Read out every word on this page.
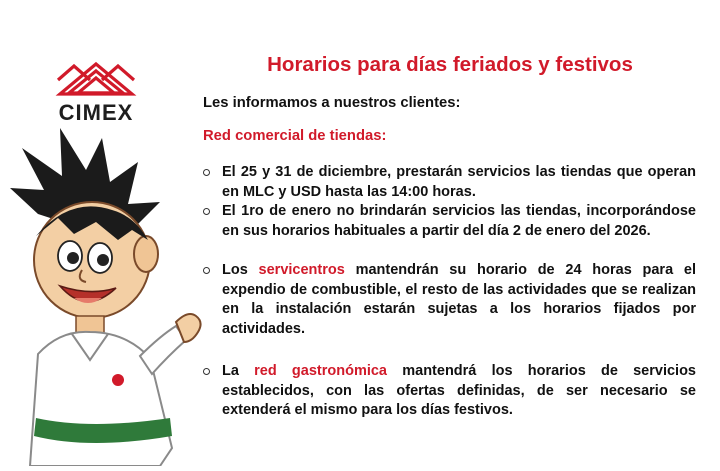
CIMEX
Horarios para días feriados y festivos
Les informamos a nuestros clientes:
Red comercial de tiendas:
El 25 y 31 de diciembre, prestarán servicios las tiendas que operan en MLC y USD hasta las 14:00 horas.
El 1ro de enero no brindarán servicios las tiendas, incorporándose en sus horarios habituales a partir del día 2 de enero del 2026.
Los servicentros mantendrán su horario de 24 horas para el expendio de combustible, el resto de las actividades que se realizan en la instalación estarán sujetas a los horarios fijados por actividades.
La red gastronómica mantendrá los horarios de servicios establecidos, con las ofertas definidas, de ser necesario se extenderá el mismo para los días festivos.
